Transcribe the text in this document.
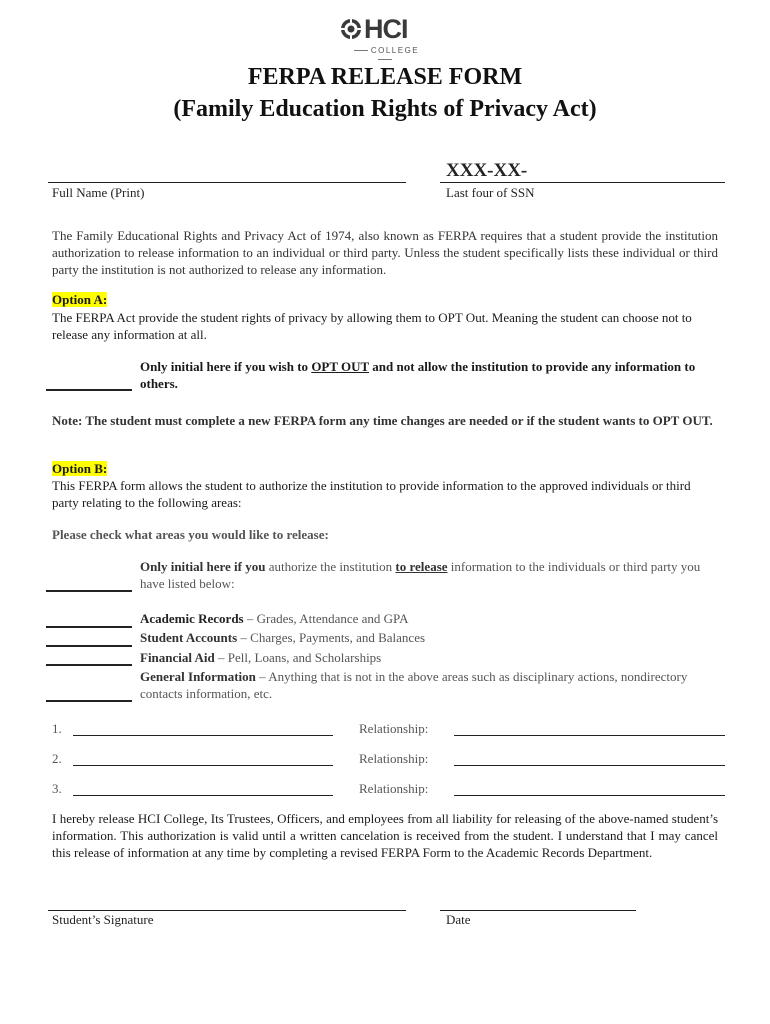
HCI
COLLEGE
FERPA RELEASE FORM
(Family Education Rights of Privacy Act)
XXX-XX-
Full Name (Print)	Last four of SSN
The Family Educational Rights and Privacy Act of 1974, also known as FERPA requires that a student provide the institution authorization to release information to an individual or third party. Unless the student specifically lists these individual or third party the institution is not authorized to release any information.
Option A:
The FERPA Act provide the student rights of privacy by allowing them to OPT Out. Meaning the student can choose not to release any information at all.
Only initial here if you wish to OPT OUT and not allow the institution to provide any information to others.
Note: The student must complete a new FERPA form any time changes are needed or if the student wants to OPT OUT.
Option B:
This FERPA form allows the student to authorize the institution to provide information to the approved individuals or third party relating to the following areas:
Please check what areas you would like to release:
Only initial here if you authorize the institution to release information to the individuals or third party you have listed below:
Academic Records – Grades, Attendance and GPA
Student Accounts – Charges, Payments, and Balances
Financial Aid – Pell, Loans, and Scholarships
General Information – Anything that is not in the above areas such as disciplinary actions, nondirectory contacts information, etc.
1.	Relationship:
2.	Relationship:
3.	Relationship:
I hereby release HCI College, Its Trustees, Officers, and employees from all liability for releasing of the above-named student’s information. This authorization is valid until a written cancelation is received from the student. I understand that I may cancel this release of information at any time by completing a revised FERPA Form to the Academic Records Department.
Student’s Signature	Date
